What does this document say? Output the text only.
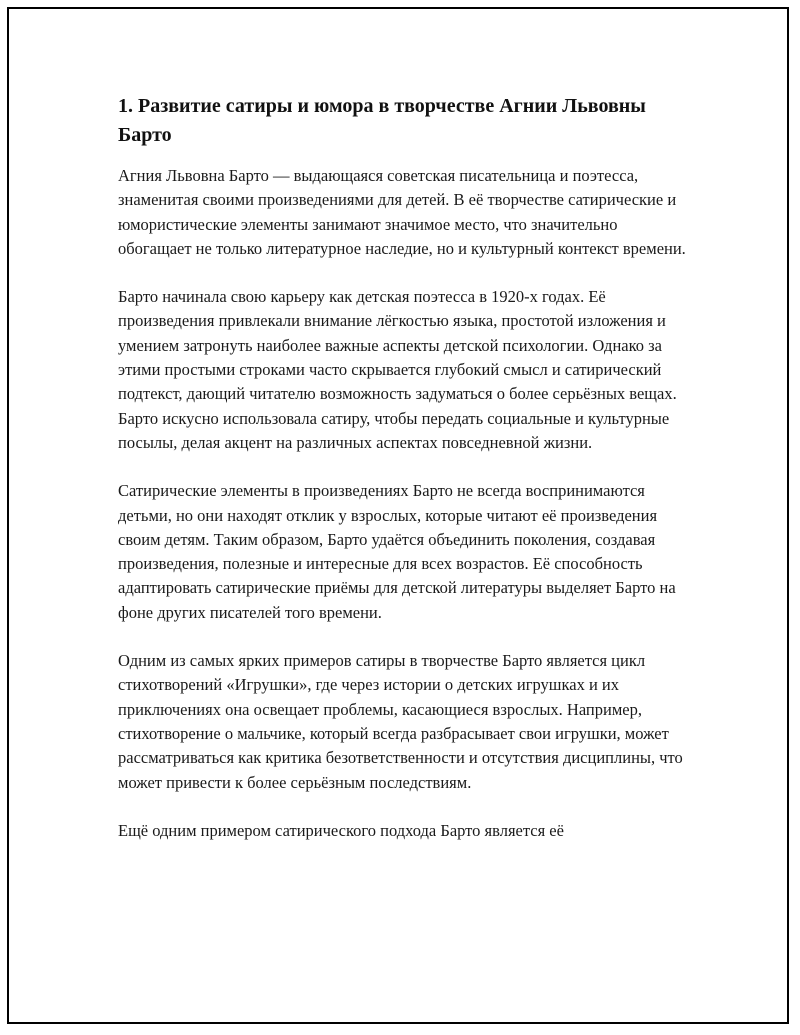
1. Развитие сатиры и юмора в творчестве Агнии Львовны Барто

Агния Львовна Барто — выдающаяся советская писательница и поэтесса, знаменитая своими произведениями для детей. В её творчестве сатирические и юмористические элементы занимают значимое место, что значительно обогащает не только литературное наследие, но и культурный контекст времени.

Барто начинала свою карьеру как детская поэтесса в 1920-х годах. Её произведения привлекали внимание лёгкостью языка, простотой изложения и умением затронуть наиболее важные аспекты детской психологии. Однако за этими простыми строками часто скрывается глубокий смысл и сатирический подтекст, дающий читателю возможность задуматься о более серьёзных вещах. Барто искусно использовала сатиру, чтобы передать социальные и культурные посылы, делая акцент на различных аспектах повседневной жизни.

Сатирические элементы в произведениях Барто не всегда воспринимаются детьми, но они находят отклик у взрослых, которые читают её произведения своим детям. Таким образом, Барто удаётся объединить поколения, создавая произведения, полезные и интересные для всех возрастов. Её способность адаптировать сатирические приёмы для детской литературы выделяет Барто на фоне других писателей того времени.

Одним из самых ярких примеров сатиры в творчестве Барто является цикл стихотворений «Игрушки», где через истории о детских игрушках и их приключениях она освещает проблемы, касающиеся взрослых. Например, стихотворение о мальчике, который всегда разбрасывает свои игрушки, может рассматриваться как критика безответственности и отсутствия дисциплины, что может привести к более серьёзным последствиям.

Ещё одним примером сатирического подхода Барто является её
